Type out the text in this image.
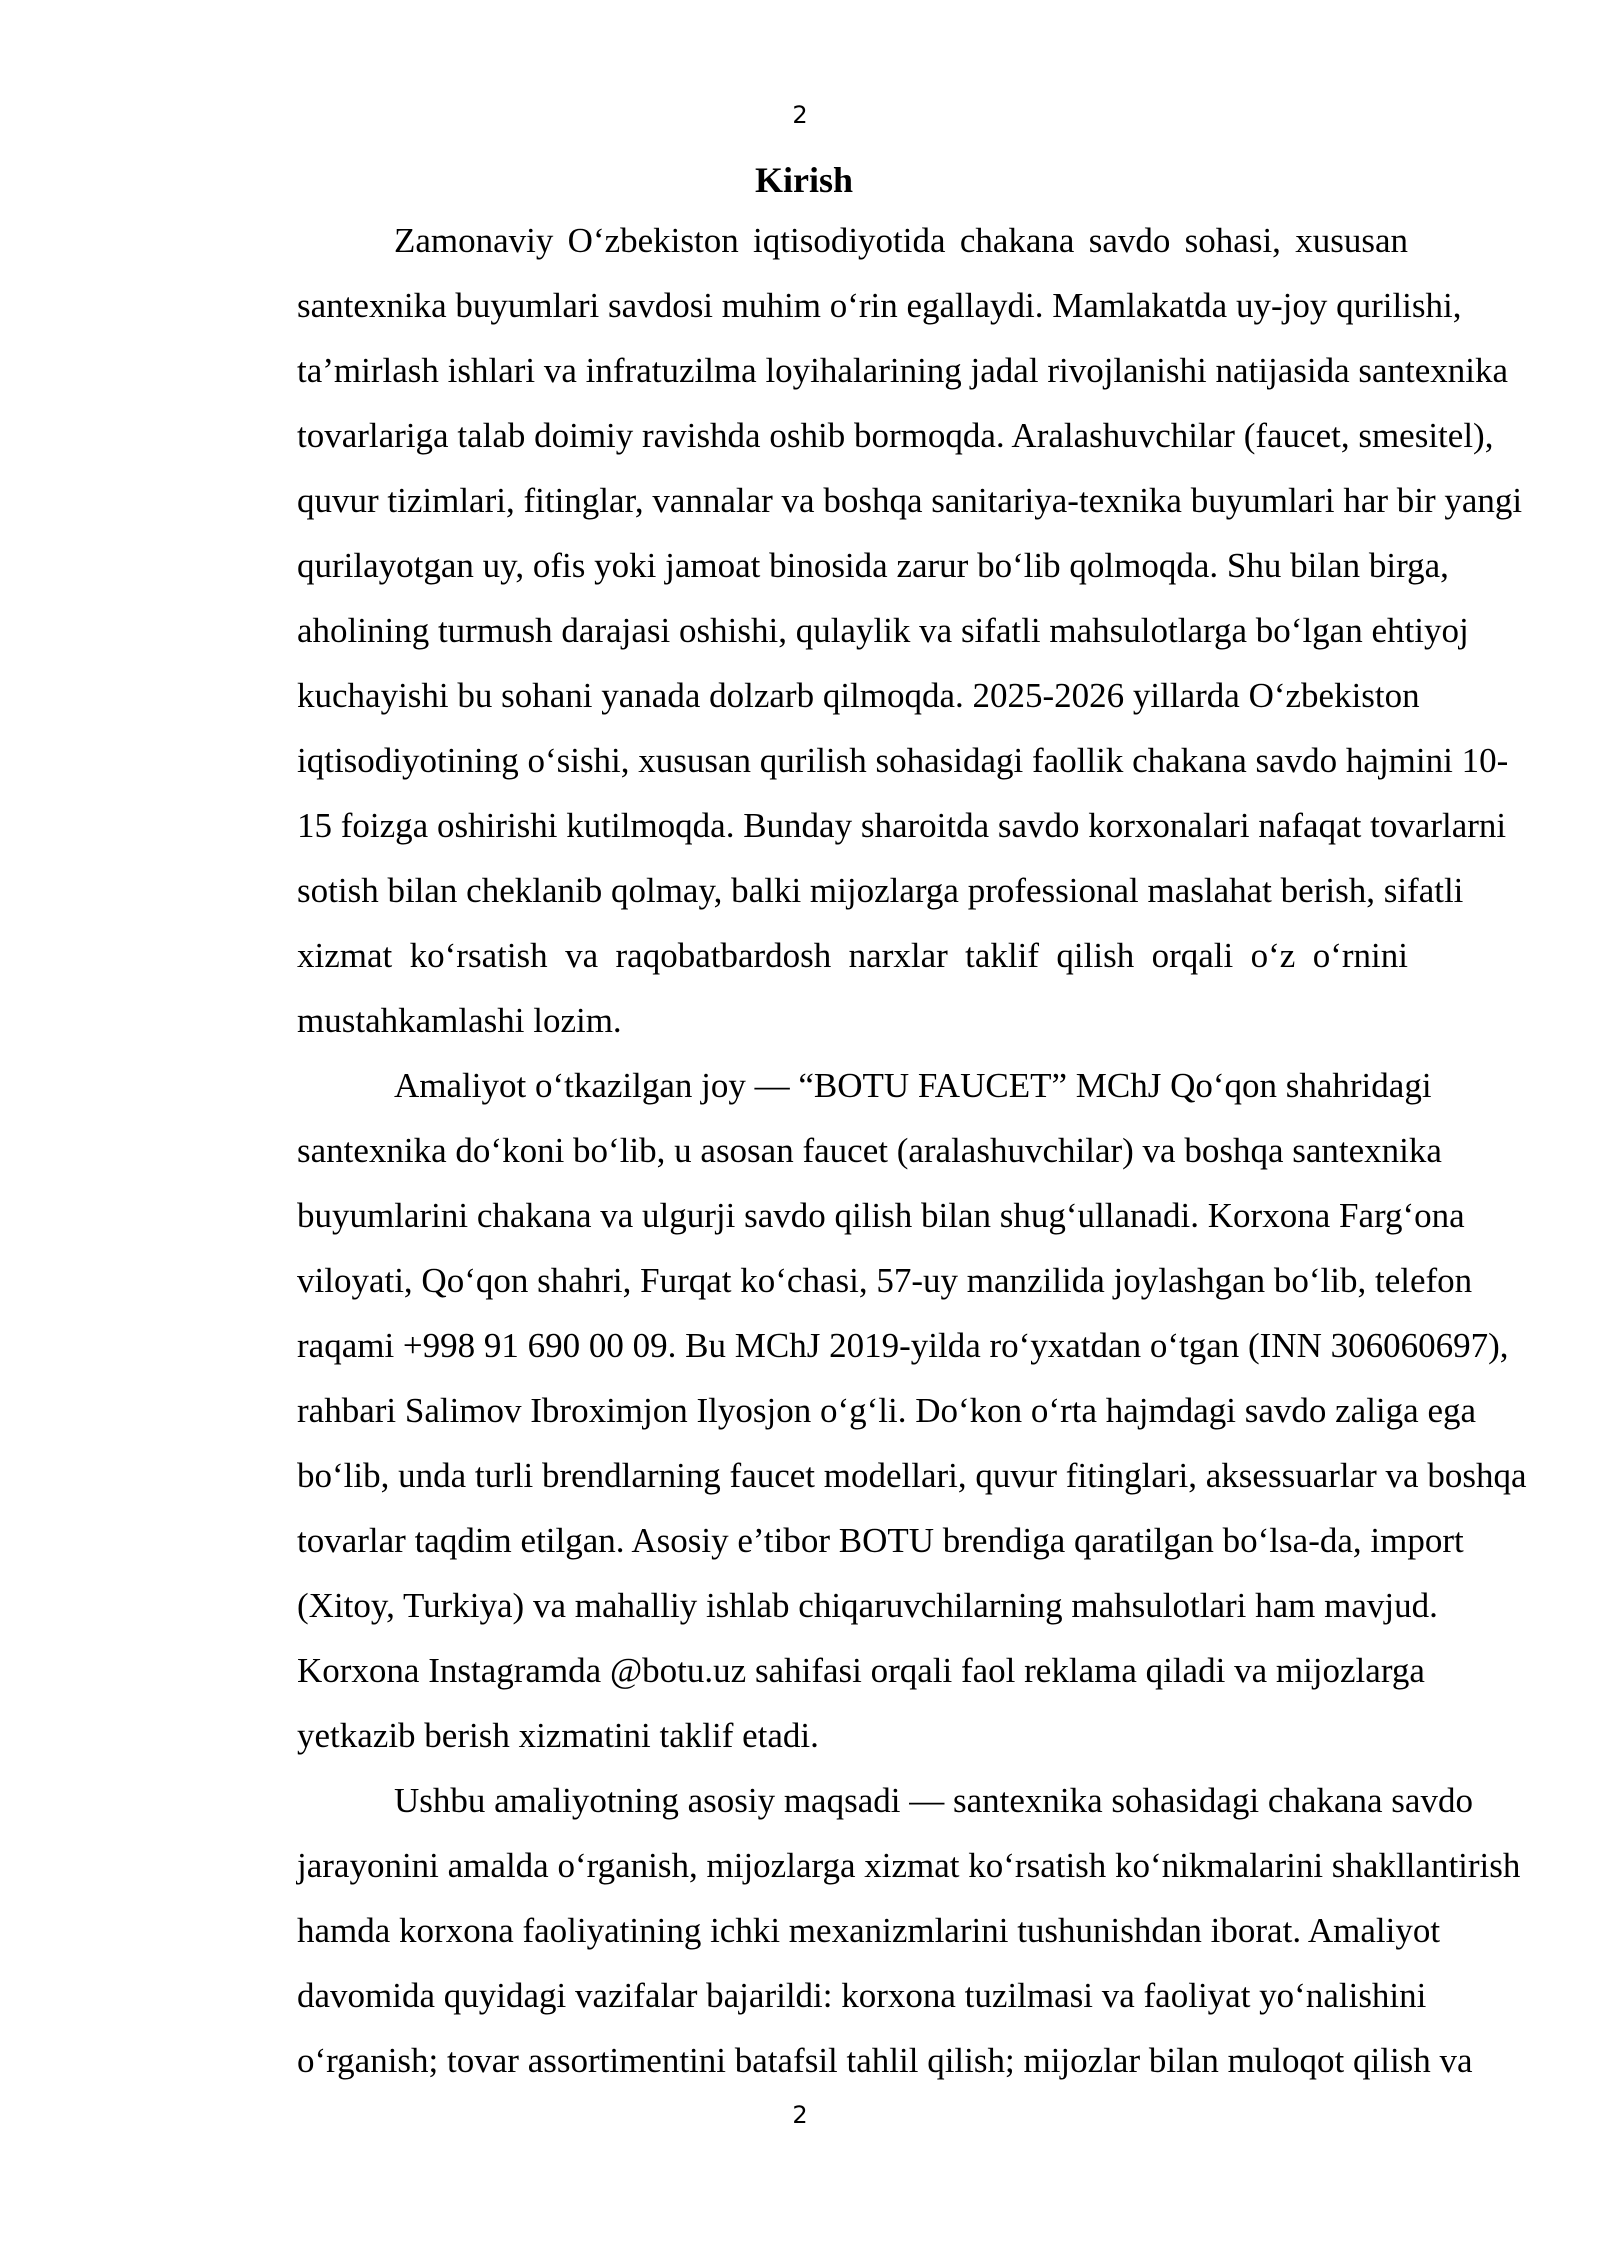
2
Kirish

Zamonaviy O‘zbekiston iqtisodiyotida chakana savdo sohasi, xususan
santexnika buyumlari savdosi muhim o‘rin egallaydi. Mamlakatda uy-joy qurilishi,
ta’mirlash ishlari va infratuzilma loyihalarining jadal rivojlanishi natijasida santexnika
tovarlariga talab doimiy ravishda oshib bormoqda. Aralashuvchilar (faucet, smesitel),
quvur tizimlari, fitinglar, vannalar va boshqa sanitariya-texnika buyumlari har bir yangi
qurilayotgan uy, ofis yoki jamoat binosida zarur bo‘lib qolmoqda. Shu bilan birga,
aholining turmush darajasi oshishi, qulaylik va sifatli mahsulotlarga bo‘lgan ehtiyoj
kuchayishi bu sohani yanada dolzarb qilmoqda. 2025-2026 yillarda O‘zbekiston
iqtisodiyotining o‘sishi, xususan qurilish sohasidagi faollik chakana savdo hajmini 10-
15 foizga oshirishi kutilmoqda. Bunday sharoitda savdo korxonalari nafaqat tovarlarni
sotish bilan cheklanib qolmay, balki mijozlarga professional maslahat berish, sifatli
xizmat ko‘rsatish va raqobatbardosh narxlar taklif qilish orqali o‘z o‘rnini
mustahkamlashi lozim.

Amaliyot o‘tkazilgan joy — “BOTU FAUCET” MChJ Qo‘qon shahridagi
santexnika do‘koni bo‘lib, u asosan faucet (aralashuvchilar) va boshqa santexnika
buyumlarini chakana va ulgurji savdo qilish bilan shug‘ullanadi. Korxona Farg‘ona
viloyati, Qo‘qon shahri, Furqat ko‘chasi, 57-uy manzilida joylashgan bo‘lib, telefon
raqami +998 91 690 00 09. Bu MChJ 2019-yilda ro‘yxatdan o‘tgan (INN 306060697),
rahbari Salimov Ibroximjon Ilyosjon o‘g‘li. Do‘kon o‘rta hajmdagi savdo zaliga ega
bo‘lib, unda turli brendlarning faucet modellari, quvur fitinglari, aksessuarlar va boshqa
tovarlar taqdim etilgan. Asosiy e’tibor BOTU brendiga qaratilgan bo‘lsa-da, import
(Xitoy, Turkiya) va mahalliy ishlab chiqaruvchilarning mahsulotlari ham mavjud.
Korxona Instagramda @botu.uz sahifasi orqali faol reklama qiladi va mijozlarga
yetkazib berish xizmatini taklif etadi.

Ushbu amaliyotning asosiy maqsadi — santexnika sohasidagi chakana savdo
jarayonini amalda o‘rganish, mijozlarga xizmat ko‘rsatish ko‘nikmalarini shakllantirish
hamda korxona faoliyatining ichki mexanizmlarini tushunishdan iborat. Amaliyot
davomida quyidagi vazifalar bajarildi: korxona tuzilmasi va faoliyat yo‘nalishini
o‘rganish; tovar assortimentini batafsil tahlil qilish; mijozlar bilan muloqot qilish va

2
